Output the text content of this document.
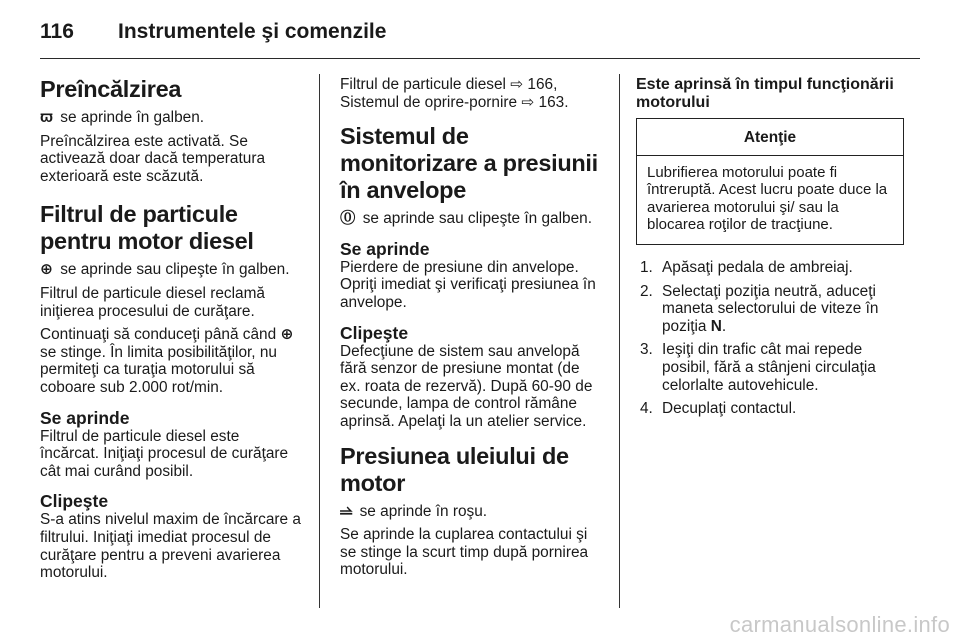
116 Instrumentele şi comenzile
Preîncălzirea

ϖ se aprinde în galben.

Preîncălzirea este activată. Se activează doar dacă temperatura exterioară este scăzută.

Filtrul de particule pentru motor diesel

⊕ se aprinde sau clipeşte în galben.

Filtrul de particule diesel reclamă iniţierea procesului de curăţare.

Continuaţi să conduceţi până când ⊕ se stinge. În limita posibilităţilor, nu permiteţi ca turaţia motorului să coboare sub 2.000 rot/min.

Se aprinde

Filtrul de particule diesel este încărcat. Iniţiaţi procesul de curăţare cât mai curând posibil.

Clipeşte

S-a atins nivelul maxim de încărcare a filtrului. Iniţiaţi imediat procesul de curăţare pentru a preveni avarierea motorului.

Filtrul de particule diesel ⇨ 166, Sistemul de oprire-pornire ⇨ 163.

Sistemul de monitorizare a presiunii în anvelope

⓪ se aprinde sau clipeşte în galben.

Se aprinde

Pierdere de presiune din anvelope. Opriţi imediat şi verificaţi presiunea în anvelope.

Clipeşte

Defecţiune de sistem sau anvelopă fără senzor de presiune montat (de ex. roata de rezervă). După 60-90 de secunde, lampa de control rămâne aprinsă. Apelaţi la un atelier service.

Presiunea uleiului de motor

⥬ se aprinde în roşu.

Se aprinde la cuplarea contactului şi se stinge la scurt timp după pornirea motorului.

Este aprinsă în timpul funcţionării motorului
Atenţie
Lubrifierea motorului poate fi întreruptă. Acest lucru poate duce la avarierea motorului şi/ sau la blocarea roţilor de tracţiune.
1. Apăsaţi pedala de ambreiaj.
2. Selectaţi poziţia neutră, aduceţi maneta selectorului de viteze în poziţia N.
3. Ieşiţi din trafic cât mai repede posibil, fără a stânjeni circulaţia celorlalte autovehicule.
4. Decuplaţi contactul.
carmanualsonline.info
